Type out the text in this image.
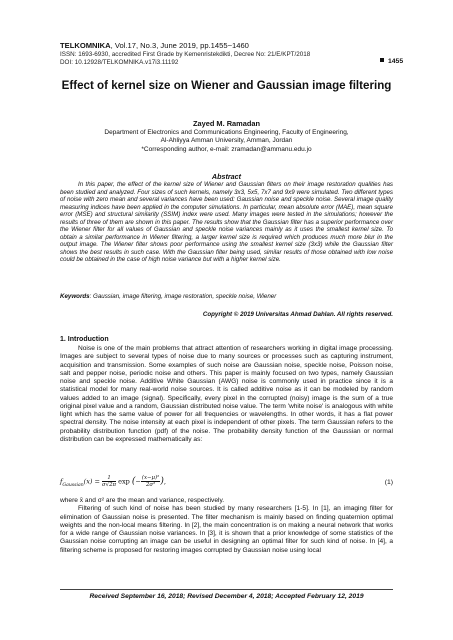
TELKOMNIKA, Vol.17, No.3, June 2019, pp.1455~1460
ISSN: 1693-6930, accredited First Grade by Kemenristekdikti, Decree No: 21/E/KPT/2018
DOI: 10.12928/TELKOMNIKA.v17i3.11192	1455
Effect of kernel size on Wiener and Gaussian image filtering
Zayed M. Ramadan
Department of Electronics and Communications Engineering, Faculty of Engineering,
Al-Ahliyya Amman University, Amman, Jordan
*Corresponding author, e-mail: zramadan@ammanu.edu.jo
Abstract
In this paper, the effect of the kernel size of Wiener and Gaussian filters on their image restoration qualities has been studied and analyzed. Four sizes of such kernels, namely 3x3, 5x5, 7x7 and 9x9 were simulated. Two different types of noise with zero mean and several variances have been used: Gaussian noise and speckle noise. Several image quality measuring indices have been applied in the computer simulations. In particular, mean absolute error (MAE), mean square error (MSE) and structural similarity (SSIM) index were used. Many images were tested in the simulations; however the results of three of them are shown in this paper. The results show that the Gaussian filter has a superior performance over the Wiener filter for all values of Gaussian and speckle noise variances mainly as it uses the smallest kernel size. To obtain a similar performance in Wiener filtering, a larger kernel size is required which produces much more blur in the output image. The Wiener filter shows poor performance using the smallest kernel size (3x3) while the Gaussian filter shows the best results in such case. With the Gaussian filter being used, similar results of those obtained with low noise could be obtained in the case of high noise variance but with a higher kernel size.
Keywords: Gaussian, image filtering, image restoration, speckle noise, Wiener
Copyright © 2019 Universitas Ahmad Dahlan. All rights reserved.
1. Introduction
Noise is one of the main problems that attract attention of researchers working in digital image processing. Images are subject to several types of noise due to many sources or processes such as capturing instrument, acquisition and transmission. Some examples of such noise are Gaussian noise, speckle noise, Poisson noise, salt and pepper noise, periodic noise and others. This paper is mainly focused on two types, namely Gaussian noise and speckle noise. Additive White Gaussian (AWG) noise is commonly used in practice since it is a statistical model for many real-world noise sources. It is called additive noise as it can be modeled by random values added to an image (signal). Specifically, every pixel in the corrupted (noisy) image is the sum of a true original pixel value and a random, Gaussian distributed noise value. The term 'white noise' is analogous with white light which has the same value of power for all frequencies or wavelengths. In other words, it has a flat power spectral density. The noise intensity at each pixel is independent of other pixels. The term Gaussian refers to the probability distribution function (pdf) of the noise. The probability density function of the Gaussian or normal distribution can be expressed mathematically as:
$f_{Gaussian}(x) = \frac{1}{\sigma√2\pi}$ exp (− $\frac{\text{(x−μ)²}}{\text{2σ²}}$ ),	(1)
where x̄ and σ² are the mean and variance, respectively.
Filtering of such kind of noise has been studied by many researchers [1-5]. In [1], an imaging filter for elimination of Gaussian noise is presented. The filter mechanism is mainly based on finding quaternion optimal weights and the non-local means filtering. In [2], the main concentration is on making a neural network that works for a wide range of Gaussian noise variances. In [3], it is shown that a prior knowledge of some statistics of the Gaussian noise corrupting an image can be useful in designing an optimal filter for such kind of noise. In [4], a filtering scheme is proposed for restoring images corrupted by Gaussian noise using local
Received September 16, 2018; Revised December 4, 2018; Accepted February 12, 2019
